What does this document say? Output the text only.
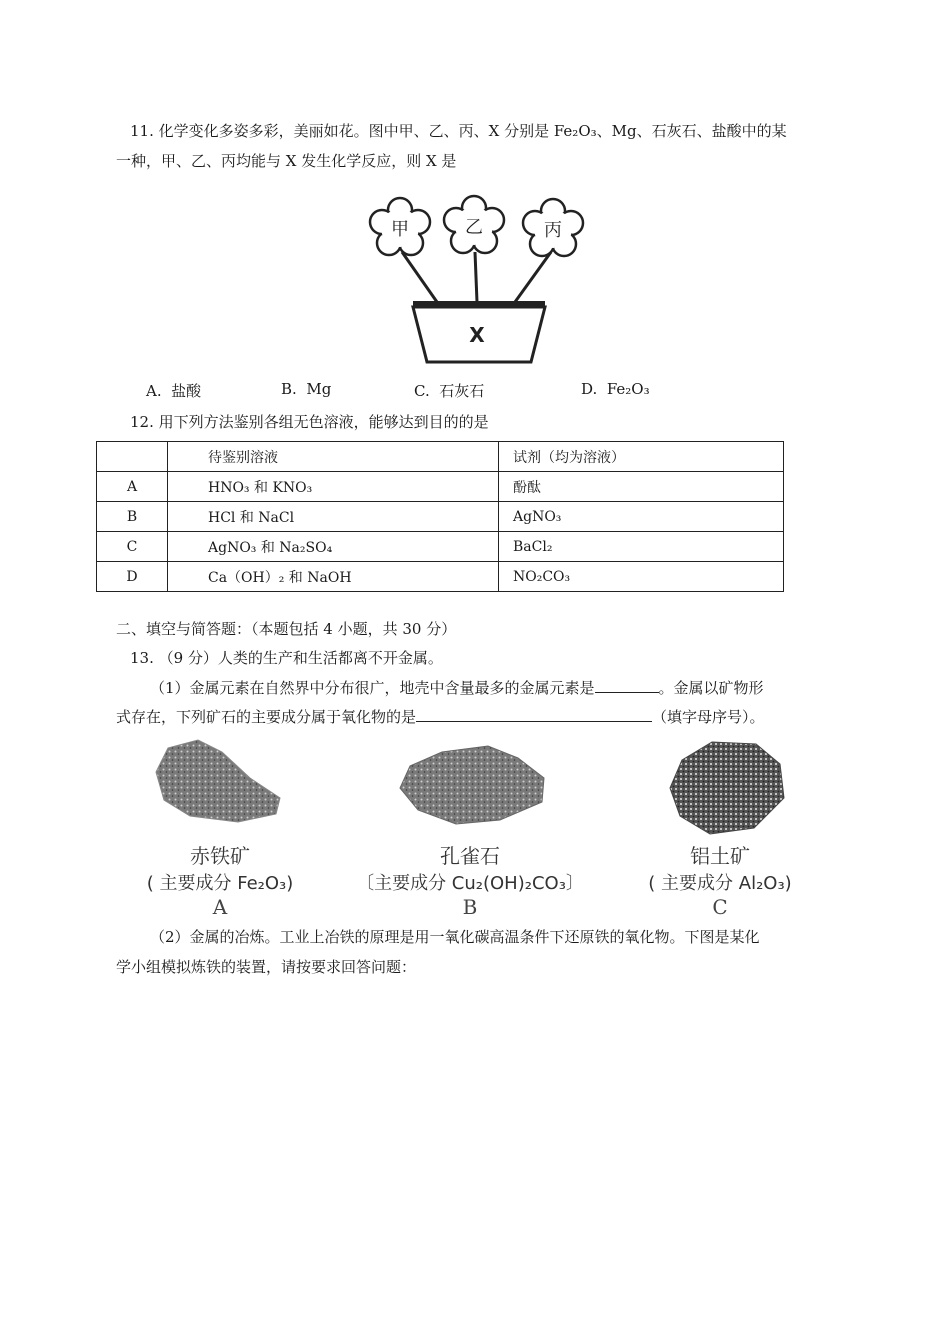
11. 化学变化多姿多彩，美丽如花。图中甲、乙、丙、X 分别是 Fe₂O₃、Mg、石灰石、盐酸中的某
一种，甲、乙、丙均能与 X 发生化学反应，则 X 是
甲	乙	丙
X
A. 盐酸	B. Mg	C. 石灰石	D. Fe₂O₃
12. 用下列方法鉴别各组无色溶液，能够达到目的的是
	待鉴别溶液	试剂（均为溶液）
A	HNO₃ 和 KNO₃	酚酞
B	HCl 和 NaCl	AgNO₃
C	AgNO₃ 和 Na₂SO₄	BaCl₂
D	Ca（OH）₂ 和 NaOH	NO₂CO₃
二、填空与简答题：（本题包括 4 小题，共 30 分）
13. （9 分）人类的生产和生活都离不开金属。
（1）金属元素在自然界中分布很广，地壳中含量最多的金属元素是	。金属以矿物形
式存在，下列矿石的主要成分属于氧化物的是	（填字母序号）。
赤铁矿
( 主要成分 Fe₂O₃)
A
孔雀石
〔主要成分 Cu₂(OH)₂CO₃〕
B
铝土矿
( 主要成分 Al₂O₃)
C
（2）金属的冶炼。工业上冶铁的原理是用一氧化碳高温条件下还原铁的氧化物。下图是某化
学小组模拟炼铁的装置，请按要求回答问题：
